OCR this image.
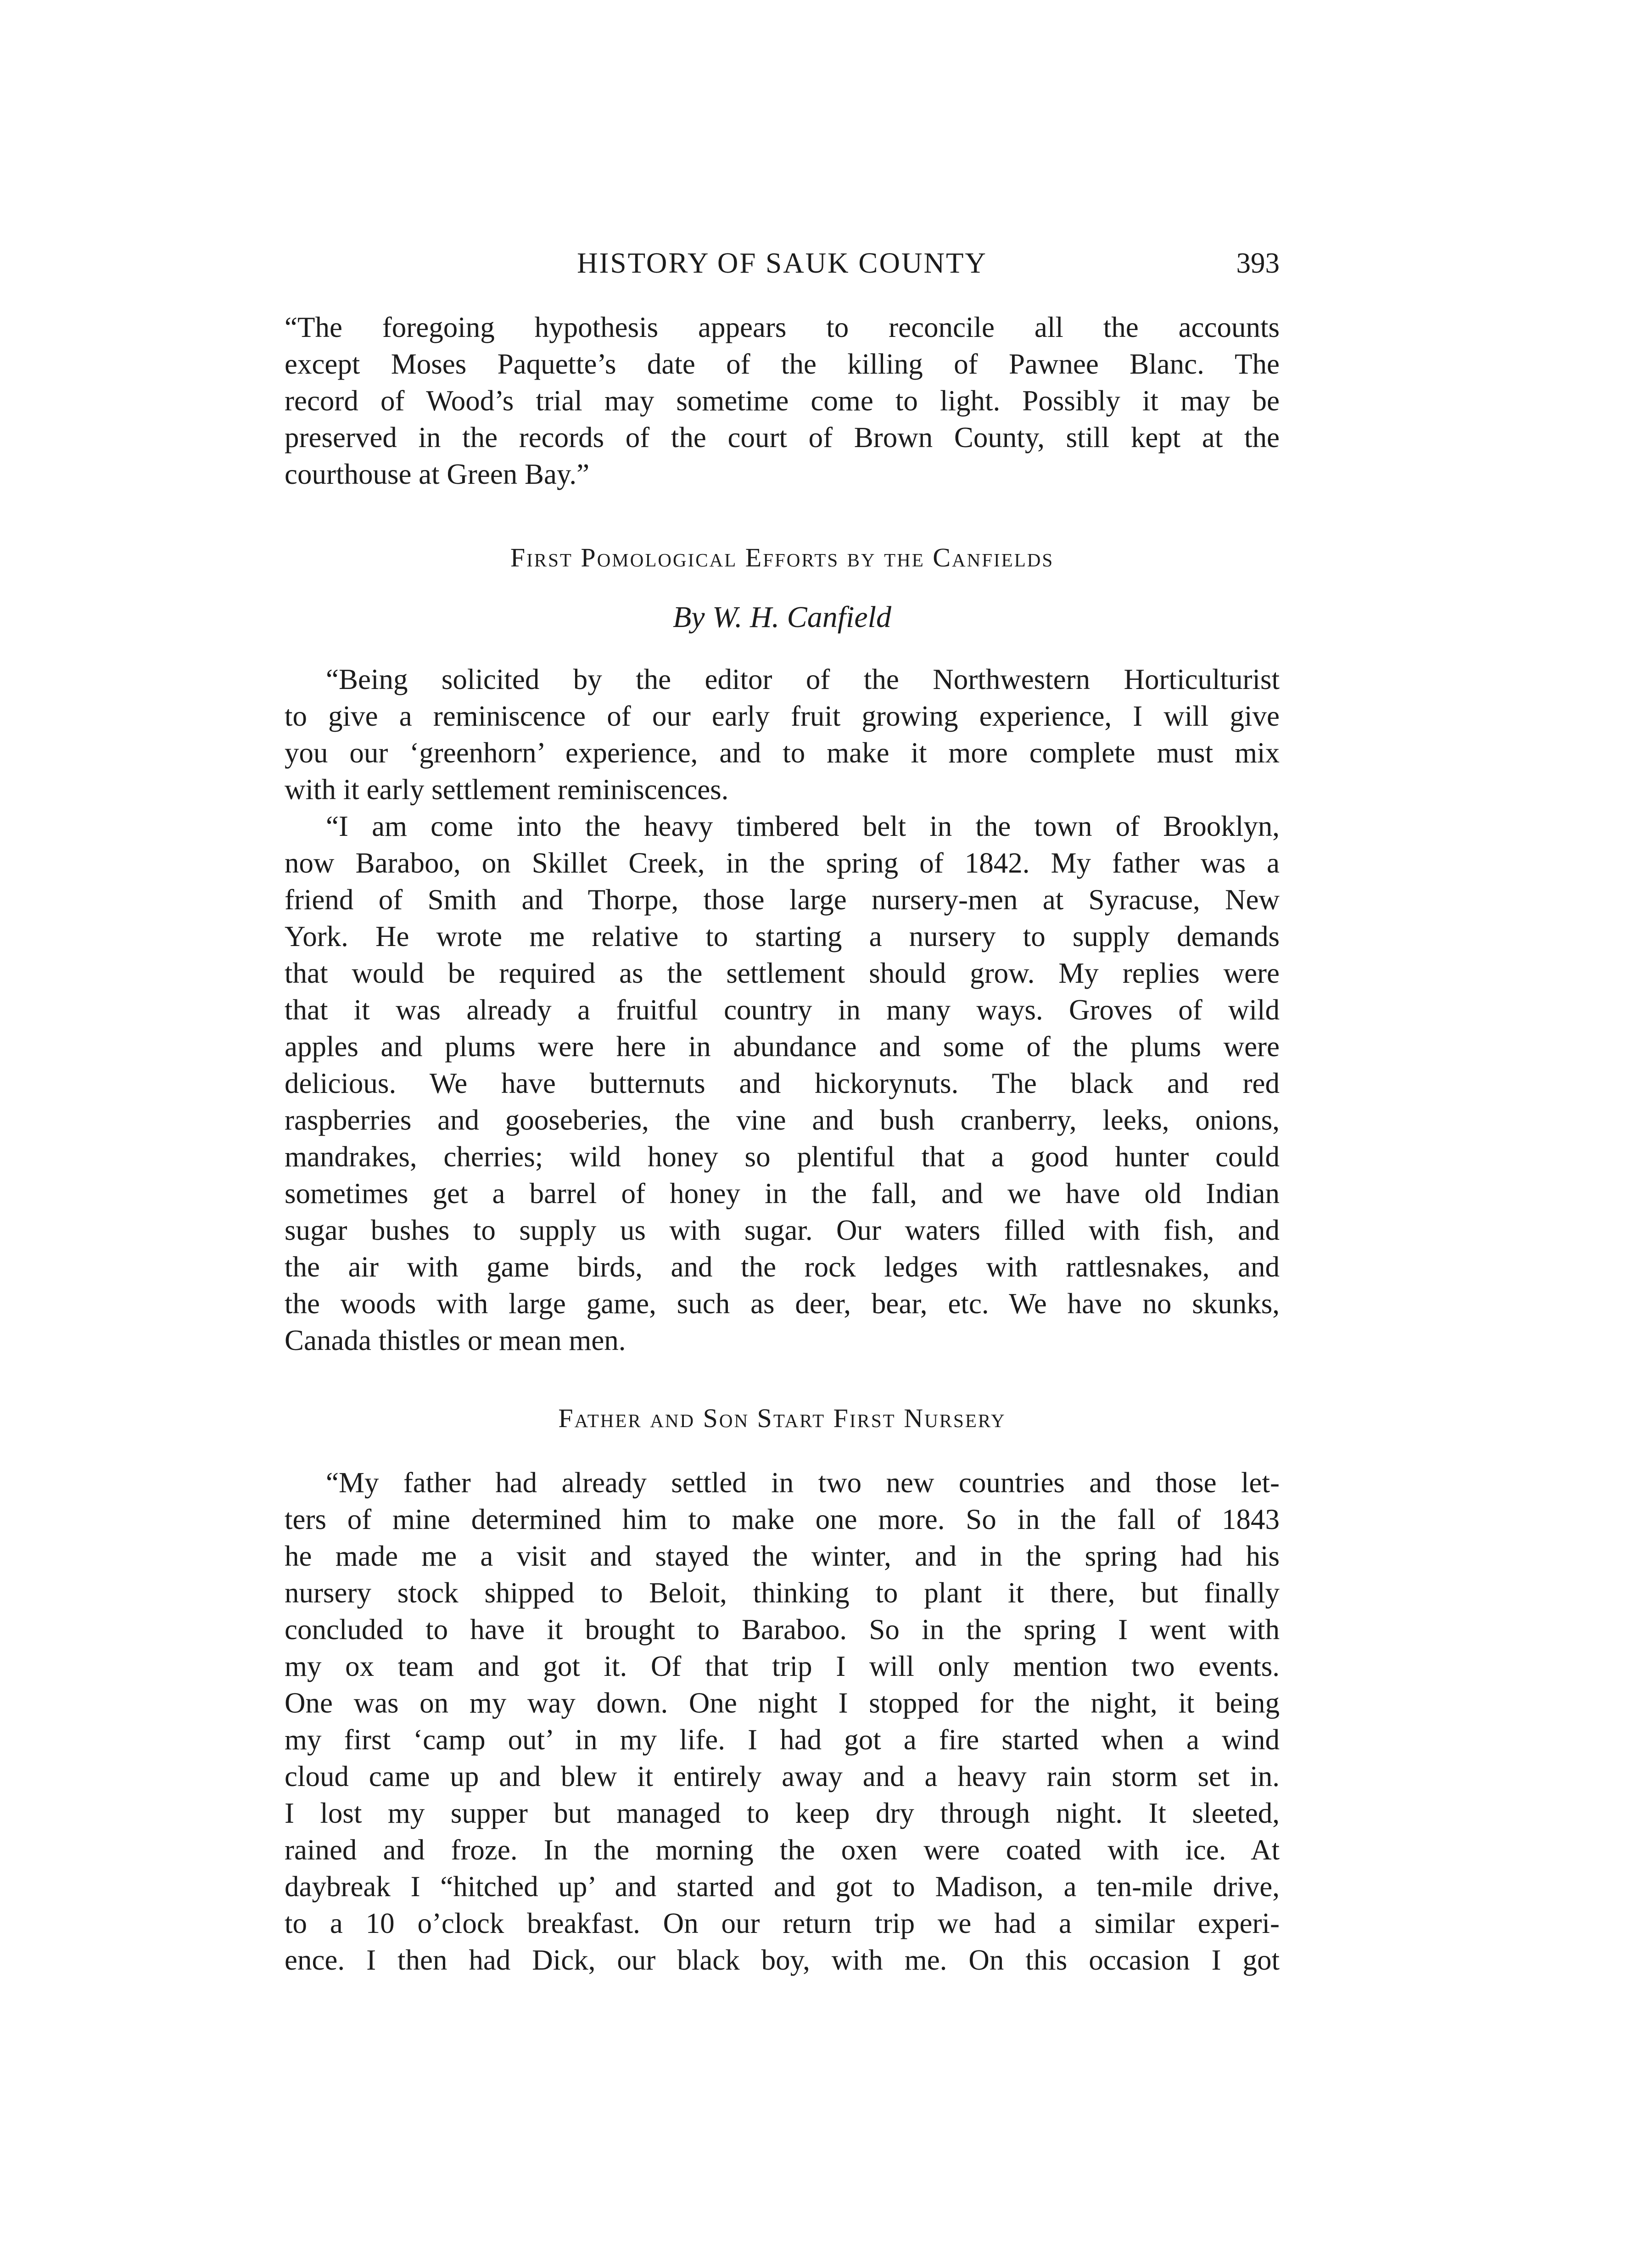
HISTORY OF SAUK COUNTY	393
“The foregoing hypothesis appears to reconcile all the accounts
except Moses Paquette’s date of the killing of Pawnee Blanc. The
record of Wood’s trial may sometime come to light. Possibly it may be
preserved in the records of the court of Brown County, still kept at the
courthouse at Green Bay.”
First Pomological Efforts by the Canfields
By W. H. Canfield
“Being solicited by the editor of the Northwestern Horticulturist
to give a reminiscence of our early fruit growing experience, I will give
you our ‘greenhorn’ experience, and to make it more complete must mix
with it early settlement reminiscences.
“I am come into the heavy timbered belt in the town of Brooklyn,
now Baraboo, on Skillet Creek, in the spring of 1842. My father was a
friend of Smith and Thorpe, those large nursery-men at Syracuse, New
York. He wrote me relative to starting a nursery to supply demands
that would be required as the settlement should grow. My replies were
that it was already a fruitful country in many ways. Groves of wild
apples and plums were here in abundance and some of the plums were
delicious. We have butternuts and hickorynuts. The black and red
raspberries and gooseberies, the vine and bush cranberry, leeks, onions,
mandrakes, cherries; wild honey so plentiful that a good hunter could
sometimes get a barrel of honey in the fall, and we have old Indian
sugar bushes to supply us with sugar. Our waters filled with fish, and
the air with game birds, and the rock ledges with rattlesnakes, and
the woods with large game, such as deer, bear, etc. We have no skunks,
Canada thistles or mean men.
Father and Son Start First Nursery
“My father had already settled in two new countries and those let-
ters of mine determined him to make one more. So in the fall of 1843
he made me a visit and stayed the winter, and in the spring had his
nursery stock shipped to Beloit, thinking to plant it there, but finally
concluded to have it brought to Baraboo. So in the spring I went with
my ox team and got it. Of that trip I will only mention two events.
One was on my way down. One night I stopped for the night, it being
my first ‘camp out’ in my life. I had got a fire started when a wind
cloud came up and blew it entirely away and a heavy rain storm set in.
I lost my supper but managed to keep dry through night. It sleeted,
rained and froze. In the morning the oxen were coated with ice. At
daybreak I “hitched up’ and started and got to Madison, a ten-mile drive,
to a 10 o’clock breakfast. On our return trip we had a similar experi-
ence. I then had Dick, our black boy, with me. On this occasion I got
